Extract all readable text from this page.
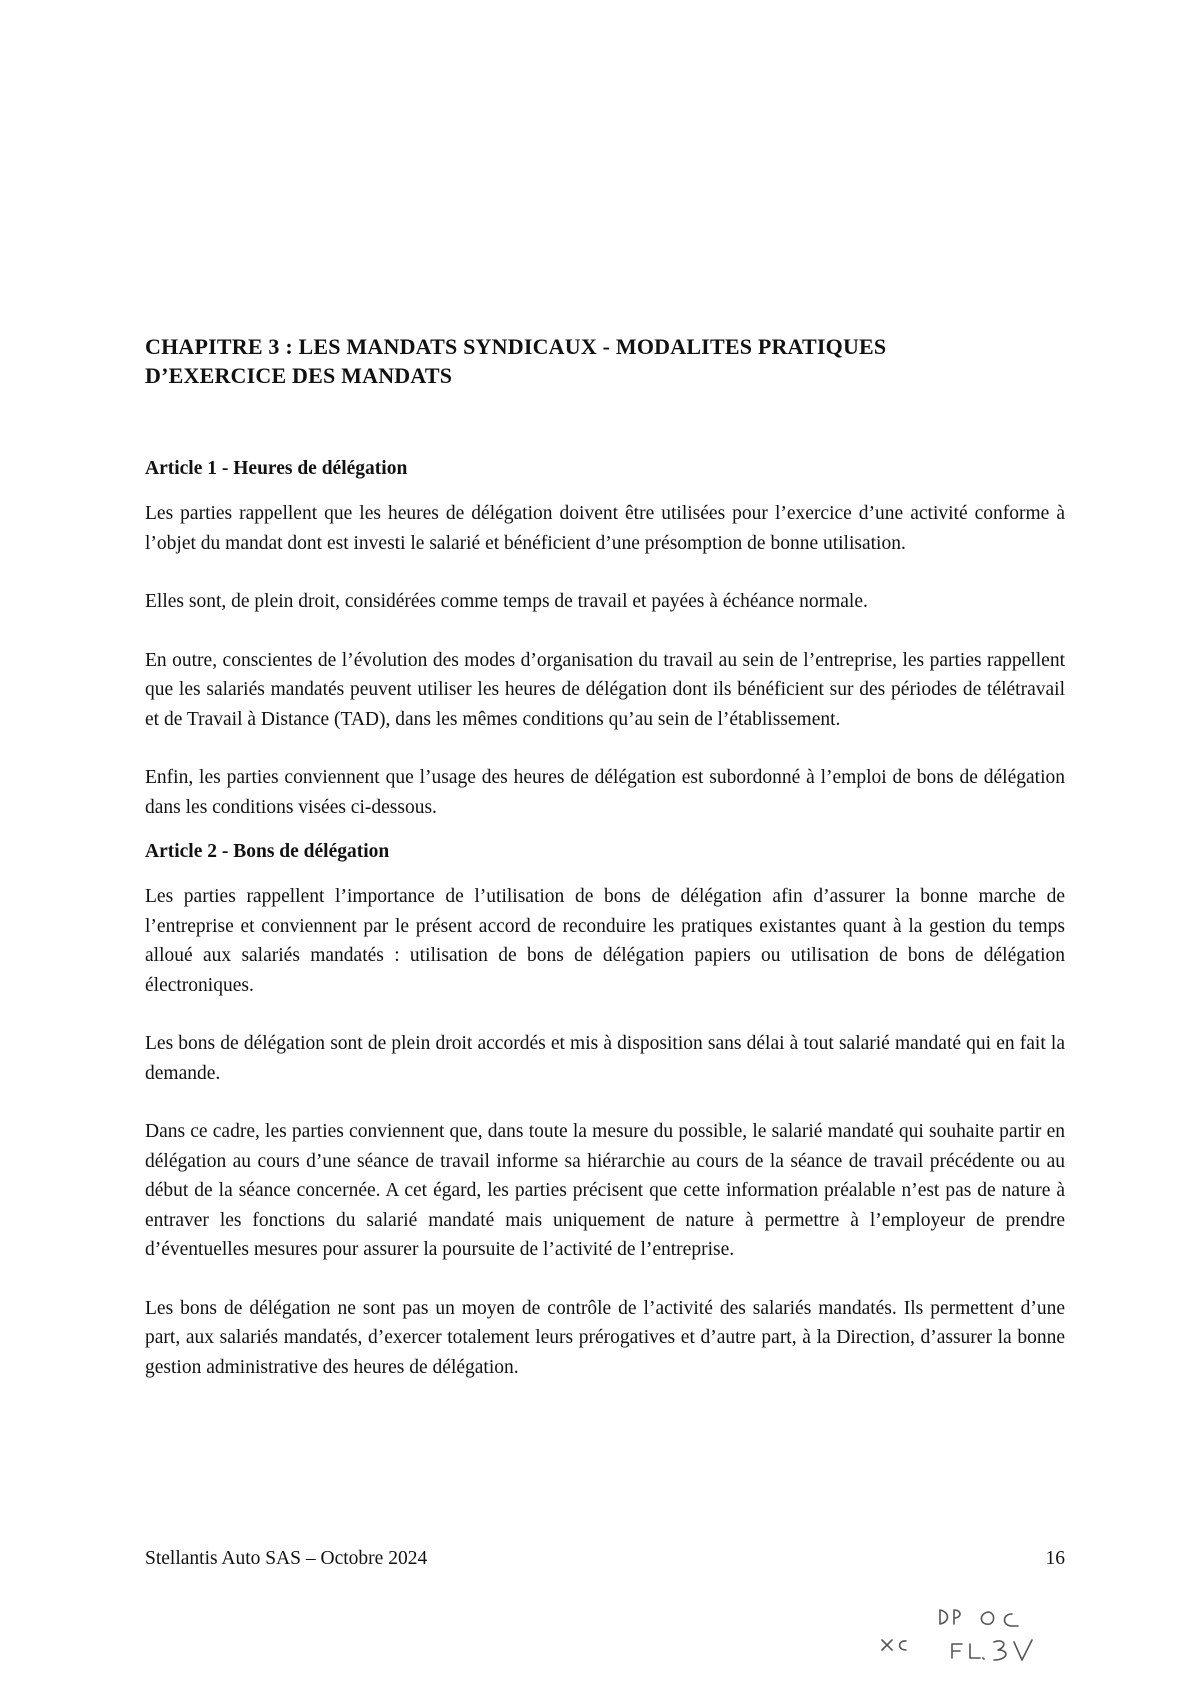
CHAPITRE 3 : LES MANDATS SYNDICAUX - MODALITES PRATIQUES
D’EXERCICE DES MANDATS
Article 1 - Heures de délégation

Les parties rappellent que les heures de délégation doivent être utilisées pour l’exercice d’une activité conforme à l’objet du mandat dont est investi le salarié et bénéficient d’une présomption de bonne utilisation.

Elles sont, de plein droit, considérées comme temps de travail et payées à échéance normale.

En outre, conscientes de l’évolution des modes d’organisation du travail au sein de l’entreprise, les parties rappellent que les salariés mandatés peuvent utiliser les heures de délégation dont ils bénéficient sur des périodes de télétravail et de Travail à Distance (TAD), dans les mêmes conditions qu’au sein de l’établissement.

Enfin, les parties conviennent que l’usage des heures de délégation est subordonné à l’emploi de bons de délégation dans les conditions visées ci-dessous.

Article 2 - Bons de délégation

Les parties rappellent l’importance de l’utilisation de bons de délégation afin d’assurer la bonne marche de l’entreprise et conviennent par le présent accord de reconduire les pratiques existantes quant à la gestion du temps alloué aux salariés mandatés : utilisation de bons de délégation papiers ou utilisation de bons de délégation électroniques.

Les bons de délégation sont de plein droit accordés et mis à disposition sans délai à tout salarié mandaté qui en fait la demande.

Dans ce cadre, les parties conviennent que, dans toute la mesure du possible, le salarié mandaté qui souhaite partir en délégation au cours d’une séance de travail informe sa hiérarchie au cours de la séance de travail précédente ou au début de la séance concernée. A cet égard, les parties précisent que cette information préalable n’est pas de nature à entraver les fonctions du salarié mandaté mais uniquement de nature à permettre à l’employeur de prendre d’éventuelles mesures pour assurer la poursuite de l’activité de l’entreprise.

Les bons de délégation ne sont pas un moyen de contrôle de l’activité des salariés mandatés. Ils permettent d’une part, aux salariés mandatés, d’exercer totalement leurs prérogatives et d’autre part, à la Direction, d’assurer la bonne gestion administrative des heures de délégation.

Stellantis Auto SAS – Octobre 2024	16
